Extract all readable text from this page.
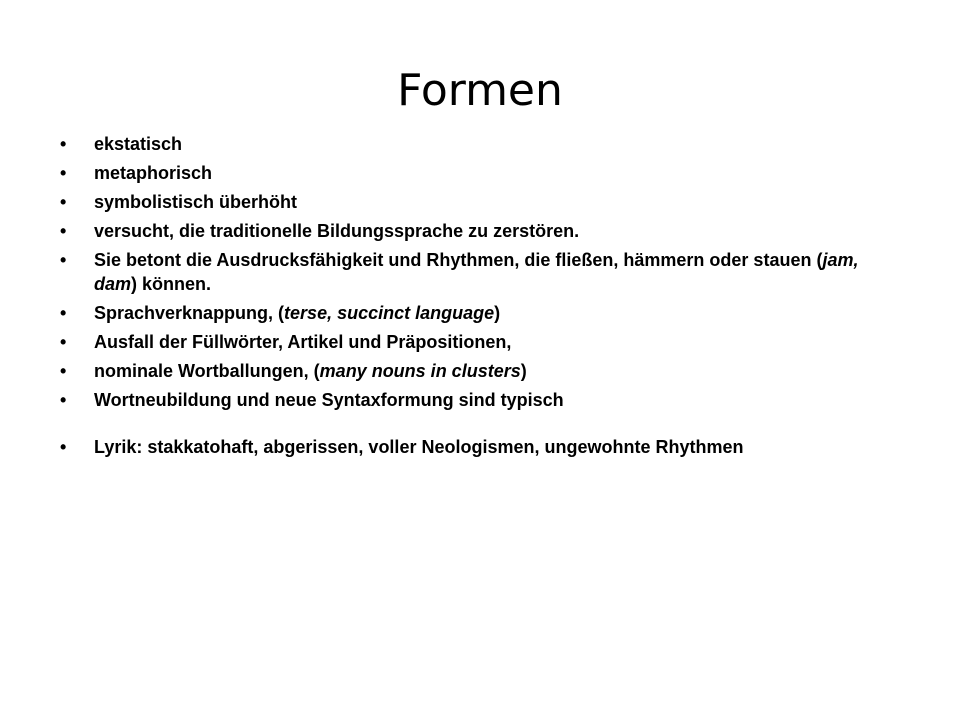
Formen
•	ekstatisch
•	metaphorisch
•	symbolistisch überhöht
•	versucht, die traditionelle Bildungssprache zu zerstören.
•	Sie betont die Ausdrucksfähigkeit und Rhythmen, die fließen, hämmern oder stauen (jam, dam) können.
•	Sprachverknappung, (terse, succinct language)
•	Ausfall der Füllwörter, Artikel und Präpositionen,
•	nominale Wortballungen, (many nouns in clusters)
•	Wortneubildung und neue Syntaxformung sind typisch
•	Lyrik: stakkatohaft, abgerissen, voller Neologismen, ungewohnte Rhythmen
